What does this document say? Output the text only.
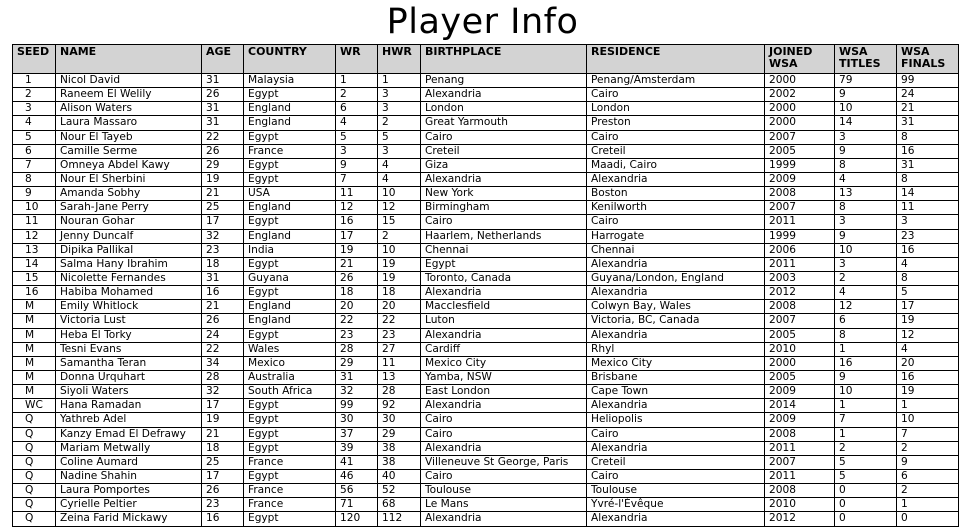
Player Info
SEED	NAME	AGE	COUNTRY	WR	HWR	BIRTHPLACE	RESIDENCE	JOINED WSA	WSA TITLES	WSA FINALS
1	Nicol David	31	Malaysia	1	1	Penang	Penang/Amsterdam	2000	79	99
2	Raneem El Welily	26	Egypt	2	3	Alexandria	Cairo	2002	9	24
3	Alison Waters	31	England	6	3	London	London	2000	10	21
4	Laura Massaro	31	England	4	2	Great Yarmouth	Preston	2000	14	31
5	Nour El Tayeb	22	Egypt	5	5	Cairo	Cairo	2007	3	8
6	Camille Serme	26	France	3	3	Creteil	Creteil	2005	9	16
7	Omneya Abdel Kawy	29	Egypt	9	4	Giza	Maadi, Cairo	1999	8	31
8	Nour El Sherbini	19	Egypt	7	4	Alexandria	Alexandria	2009	4	8
9	Amanda Sobhy	21	USA	11	10	New York	Boston	2008	13	14
10	Sarah-Jane Perry	25	England	12	12	Birmingham	Kenilworth	2007	8	11
11	Nouran Gohar	17	Egypt	16	15	Cairo	Cairo	2011	3	3
12	Jenny Duncalf	32	England	17	2	Haarlem, Netherlands	Harrogate	1999	9	23
13	Dipika Pallikal	23	India	19	10	Chennai	Chennai	2006	10	16
14	Salma Hany Ibrahim	18	Egypt	21	19	Egypt	Alexandria	2011	3	4
15	Nicolette Fernandes	31	Guyana	26	19	Toronto, Canada	Guyana/London, England	2003	2	8
16	Habiba Mohamed	16	Egypt	18	18	Alexandria	Alexandria	2012	4	5
M	Emily Whitlock	21	England	20	20	Macclesfield	Colwyn Bay, Wales	2008	12	17
M	Victoria Lust	26	England	22	22	Luton	Victoria, BC, Canada	2007	6	19
M	Heba El Torky	24	Egypt	23	23	Alexandria	Alexandria	2005	8	12
M	Tesni Evans	22	Wales	28	27	Cardiff	Rhyl	2010	1	4
M	Samantha Teran	34	Mexico	29	11	Mexico City	Mexico City	2000	16	20
M	Donna Urquhart	28	Australia	31	13	Yamba, NSW	Brisbane	2005	9	16
M	Siyoli Waters	32	South Africa	32	28	East London	Cape Town	2009	10	19
WC	Hana Ramadan	17	Egypt	99	92	Alexandria	Alexandria	2014	1	1
Q	Yathreb Adel	19	Egypt	30	30	Cairo	Heliopolis	2009	7	10
Q	Kanzy Emad El Defrawy	21	Egypt	37	29	Cairo	Cairo	2008	1	7
Q	Mariam Metwally	18	Egypt	39	38	Alexandria	Alexandria	2011	2	2
Q	Coline Aumard	25	France	41	38	Villeneuve St George, Paris	Creteil	2007	5	9
Q	Nadine Shahin	17	Egypt	46	40	Cairo	Cairo	2011	5	6
Q	Laura Pomportes	26	France	56	52	Toulouse	Toulouse	2008	0	2
Q	Cyrielle Peltier	23	France	71	68	Le Mans	Yvré-l'Évêque	2010	0	1
Q	Zeina Farid Mickawy	16	Egypt	120	112	Alexandria	Alexandria	2012	0	0
